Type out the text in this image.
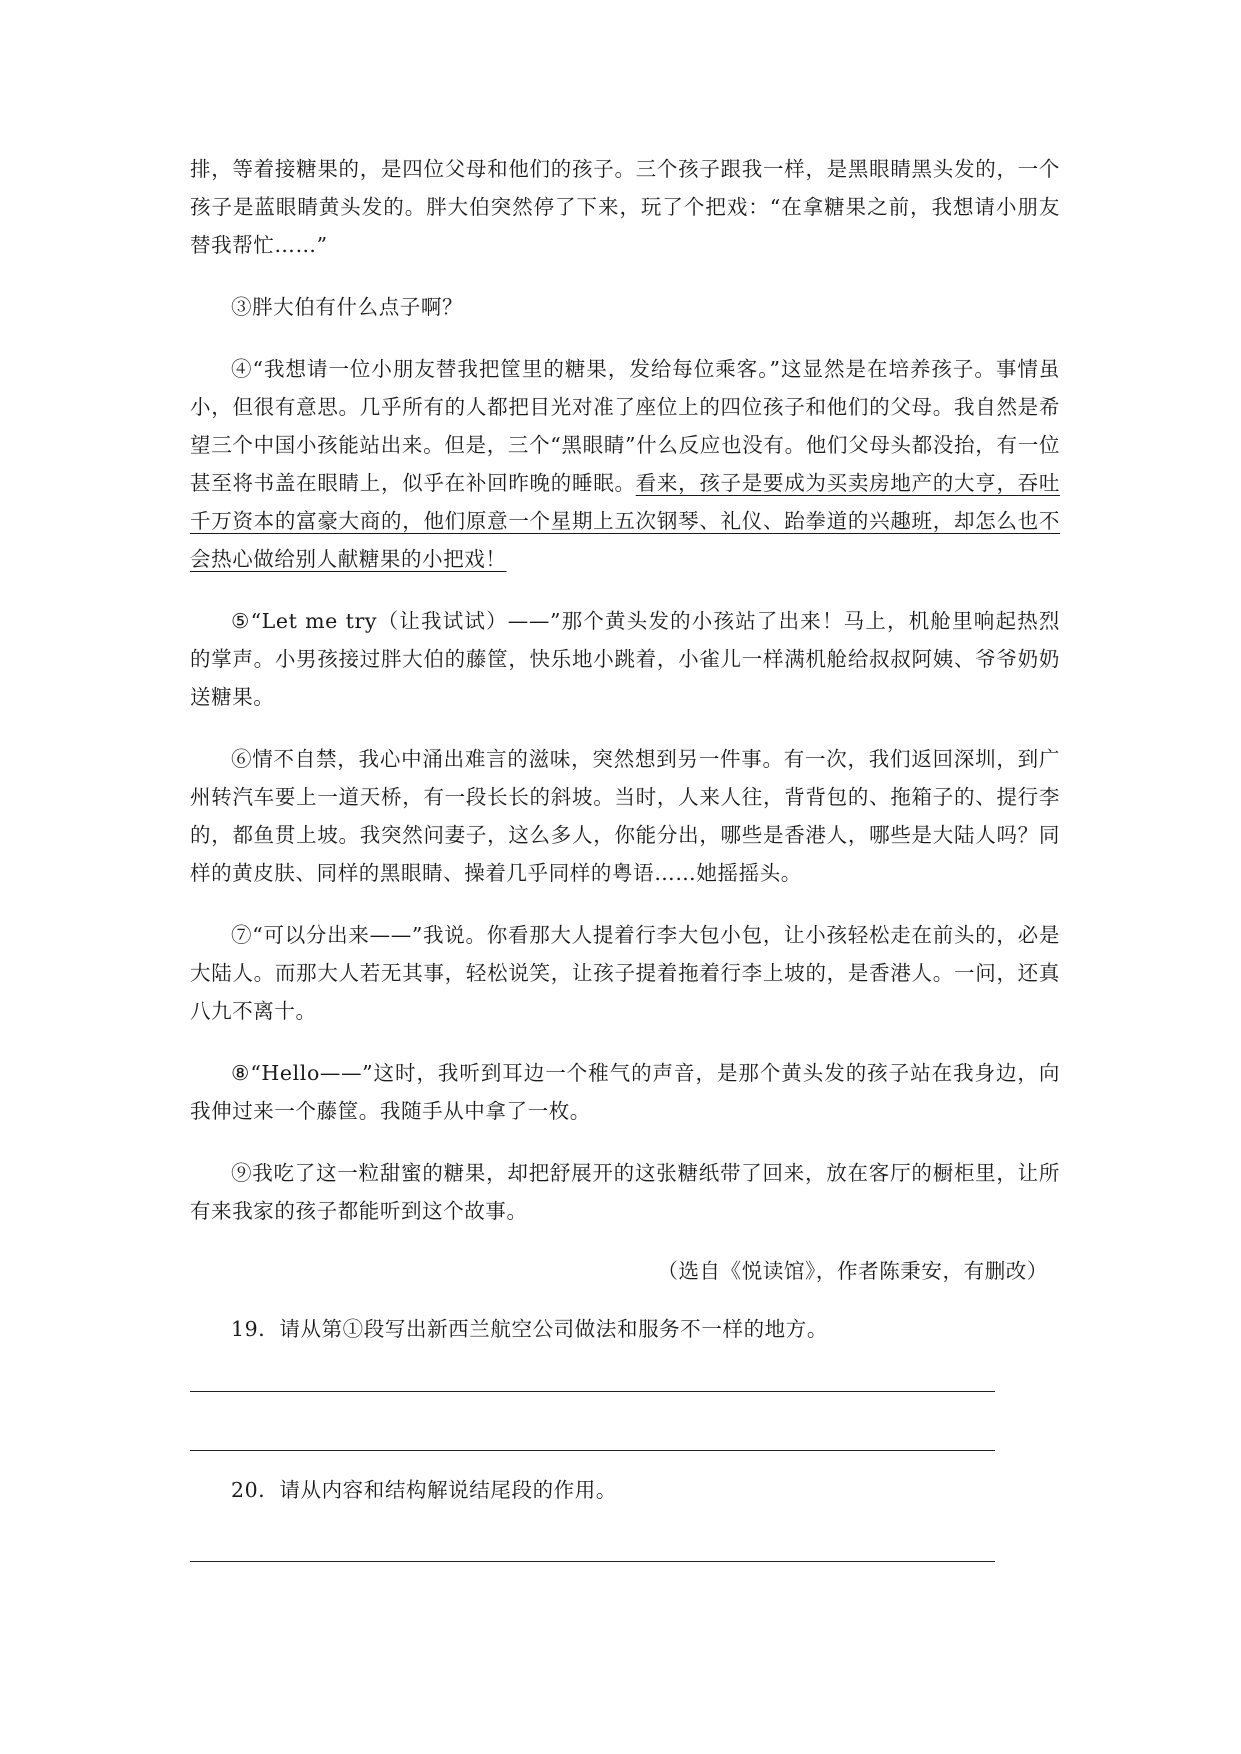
排，等着接糖果的，是四位父母和他们的孩子。三个孩子跟我一样，是黑眼睛黑头发的，一个孩子是蓝眼睛黄头发的。胖大伯突然停了下来，玩了个把戏：“在拿糖果之前，我想请小朋友替我帮忙……”

③胖大伯有什么点子啊？

④“我想请一位小朋友替我把筐里的糖果，发给每位乘客。”这显然是在培养孩子。事情虽小，但很有意思。几乎所有的人都把目光对准了座位上的四位孩子和他们的父母。我自然是希望三个中国小孩能站出来。但是，三个“黑眼睛”什么反应也没有。他们父母头都没抬，有一位甚至将书盖在眼睛上，似乎在补回昨晚的睡眠。看来，孩子是要成为买卖房地产的大亨，吞吐千万资本的富豪大商的，他们原意一个星期上五次钢琴、礼仪、跆拳道的兴趣班，却怎么也不会热心做给别人献糖果的小把戏！

⑤“Let me try（让我试试）——”那个黄头发的小孩站了出来！马上，机舱里响起热烈的掌声。小男孩接过胖大伯的藤筐，快乐地小跳着，小雀儿一样满机舱给叔叔阿姨、爷爷奶奶送糖果。

⑥情不自禁，我心中涌出难言的滋味，突然想到另一件事。有一次，我们返回深圳，到广州转汽车要上一道天桥，有一段长长的斜坡。当时，人来人往，背背包的、拖箱子的、提行李的，都鱼贯上坡。我突然问妻子，这么多人，你能分出，哪些是香港人，哪些是大陆人吗？同样的黄皮肤、同样的黑眼睛、操着几乎同样的粤语……她摇摇头。

⑦“可以分出来——”我说。你看那大人提着行李大包小包，让小孩轻松走在前头的，必是大陆人。而那大人若无其事，轻松说笑，让孩子提着拖着行李上坡的，是香港人。一问，还真八九不离十。

⑧“Hello——”这时，我听到耳边一个稚气的声音，是那个黄头发的孩子站在我身边，向我伸过来一个藤筐。我随手从中拿了一枚。

⑨我吃了这一粒甜蜜的糖果，却把舒展开的这张糖纸带了回来，放在客厅的橱柜里，让所有来我家的孩子都能听到这个故事。

（选自《悦读馆》，作者陈秉安，有删改）

19．请从第①段写出新西兰航空公司做法和服务不一样的地方。

20．请从内容和结构解说结尾段的作用。
